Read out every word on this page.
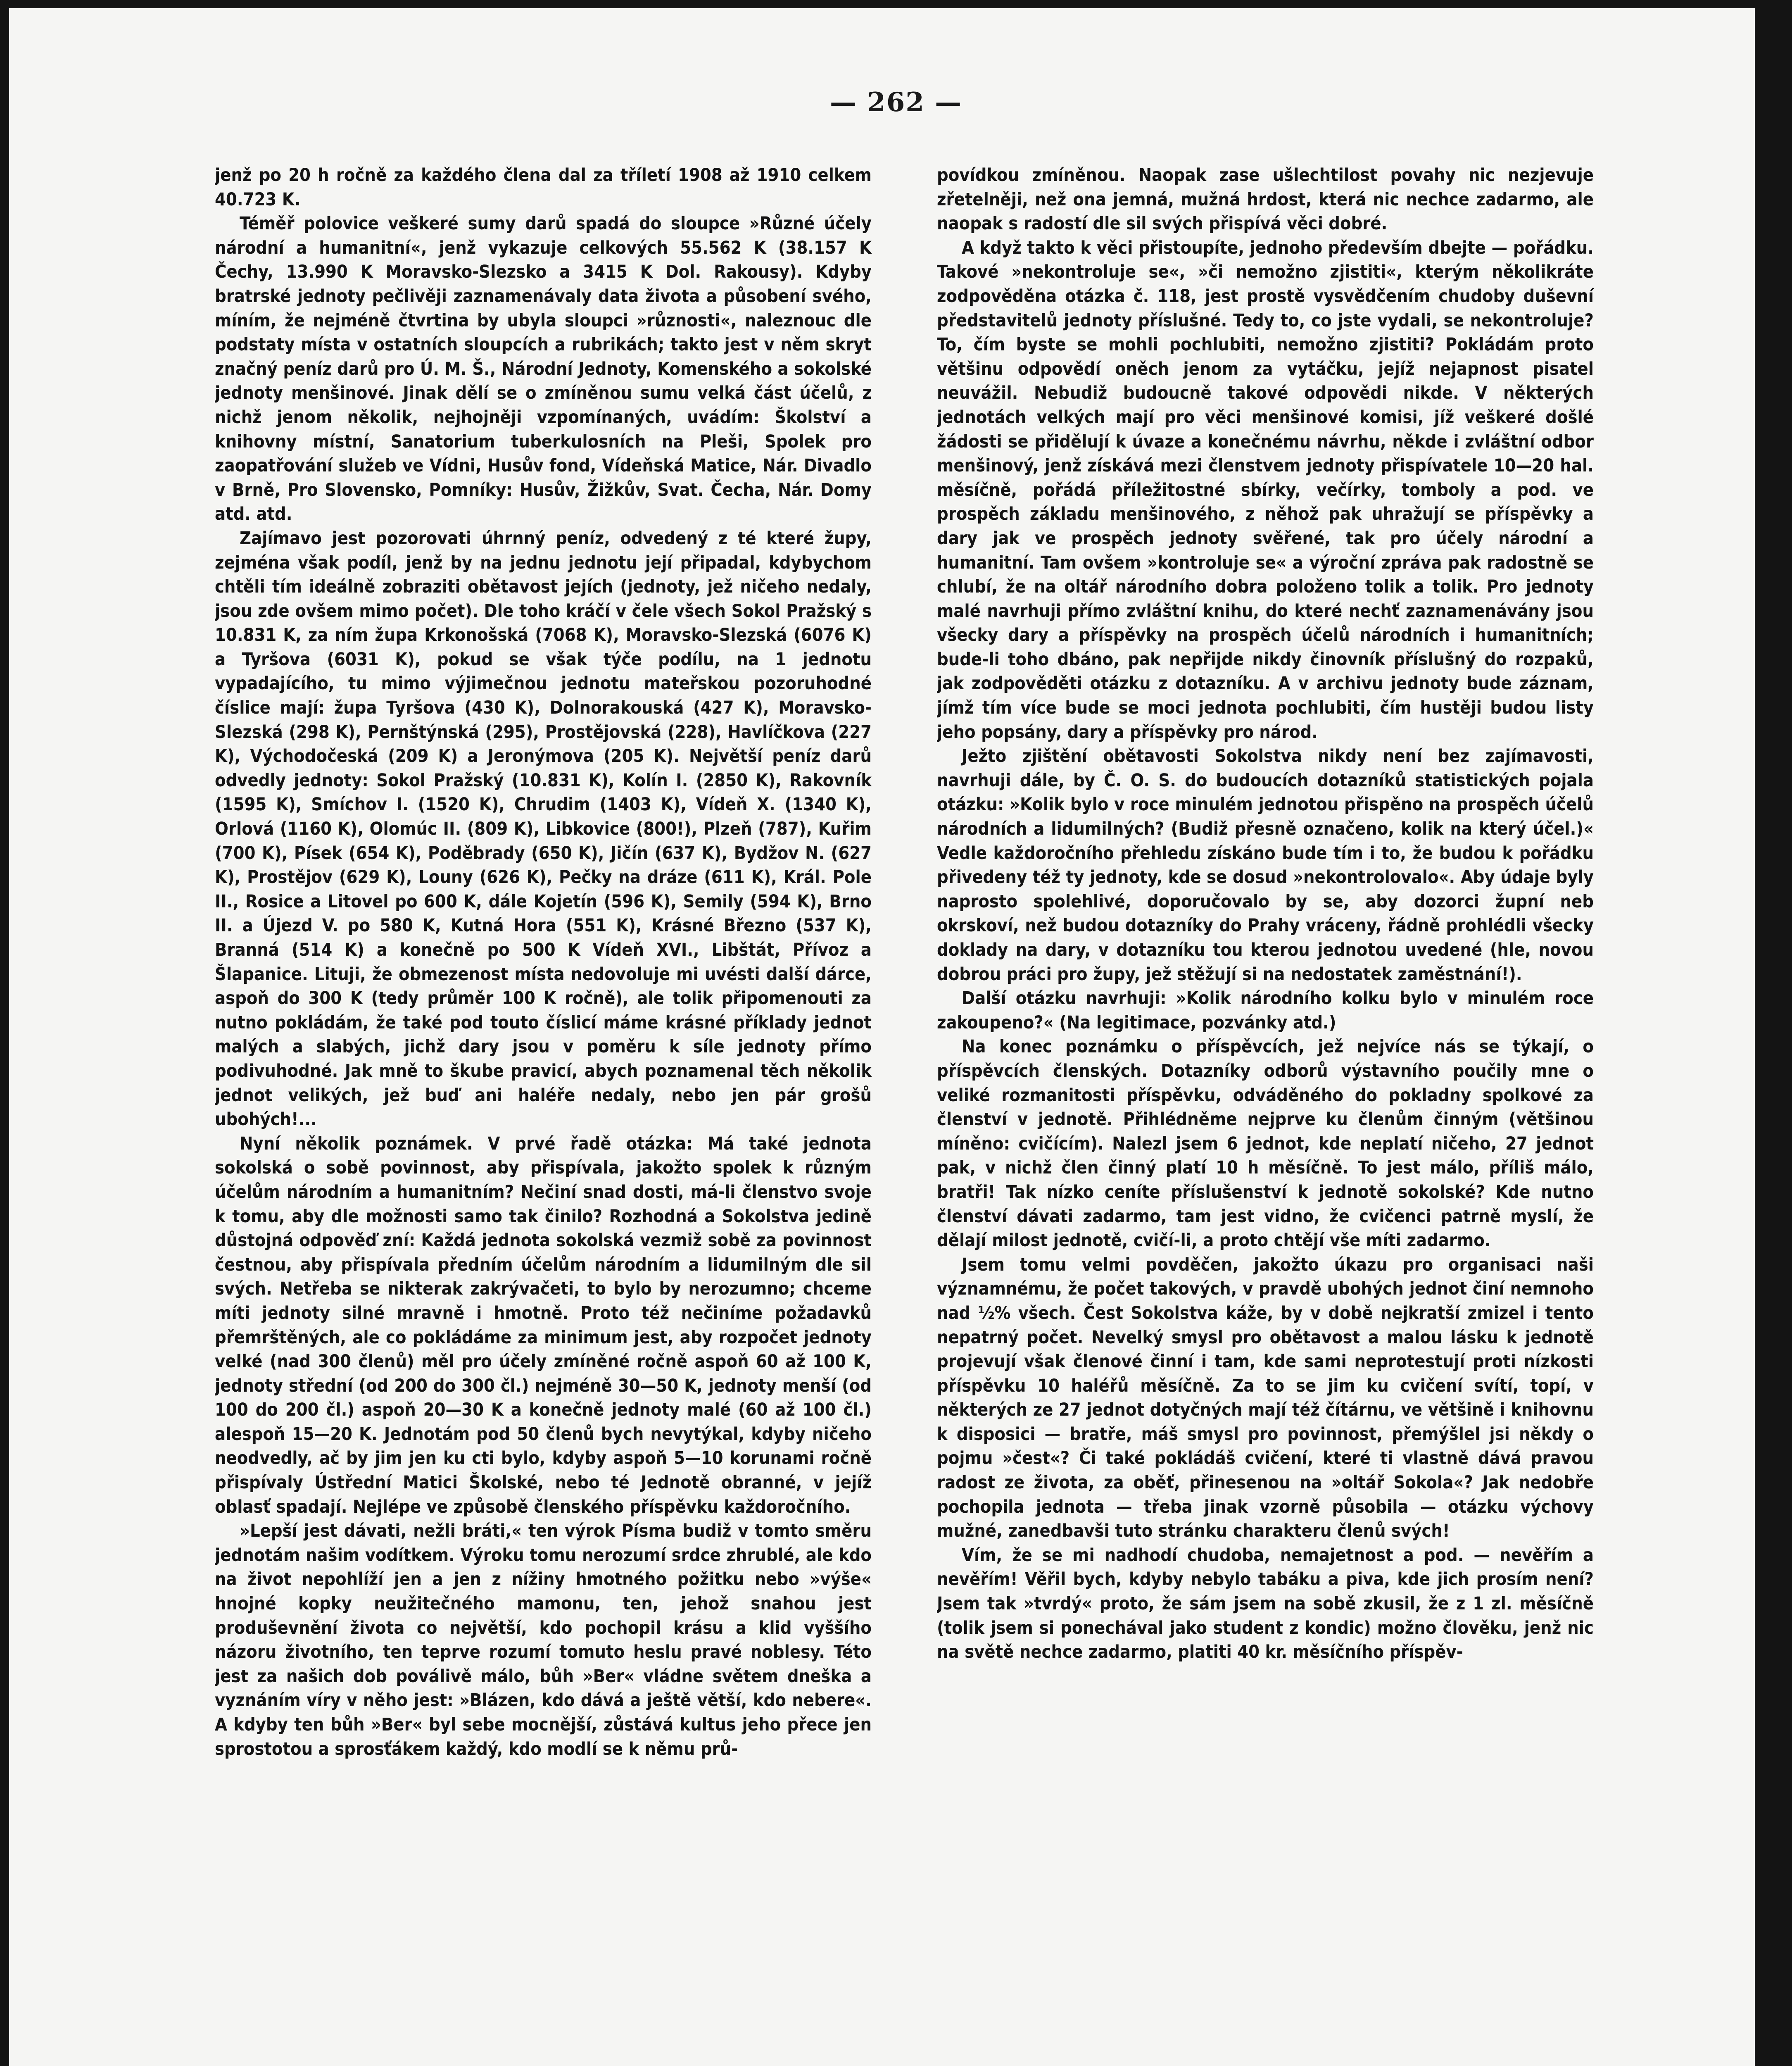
— 262 —

jenž po 20 h ročně za každého člena dal za tříletí 1908 až 1910 celkem 40.723 K.

Téměř polovice veškeré sumy darů spadá do sloupce »Různé účely národní a humanitní«, jenž vykazuje celkových 55.562 K (38.157 K Čechy, 13.990 K Moravsko-Slezsko a 3415 K Dol. Rakousy). Kdyby bratrské jednoty pečlivěji zaznamenávaly data života a působení svého, míním, že nejméně čtvrtina by ubyla sloupci »různosti«, naleznouc dle podstaty místa v ostatních sloupcích a rubrikách; takto jest v něm skryt značný peníz darů pro Ú. M. Š., Národní Jednoty, Komenského a sokolské jednoty menšinové. Jinak dělí se o zmíněnou sumu velká část účelů, z nichž jenom několik, nejhojněji vzpomínaných, uvádím: Školství a knihovny místní, Sanatorium tuberkulosních na Pleši, Spolek pro zaopatřování služeb ve Vídni, Husův fond, Vídeňská Matice, Nár. Divadlo v Brně, Pro Slovensko, Pomníky: Husův, Žižkův, Svat. Čecha, Nár. Domy atd. atd.

Zajímavo jest pozorovati úhrnný peníz, odvedený z té které župy, zejména však podíl, jenž by na jednu jednotu její připadal, kdybychom chtěli tím ideálně zobraziti obětavost jejích (jednoty, jež ničeho nedaly, jsou zde ovšem mimo počet). Dle toho kráčí v čele všech Sokol Pražský s 10.831 K, za ním župa Krkonošská (7068 K), Moravsko-Slezská (6076 K) a Tyršova (6031 K), pokud se však týče podílu, na 1 jednotu vypadajícího, tu mimo výjimečnou jednotu mateřskou pozoruhodné číslice mají: župa Tyršova (430 K), Dolnorakouská (427 K), Moravsko-Slezská (298 K), Pernštýnská (295), Prostějovská (228), Havlíčkova (227 K), Východočeská (209 K) a Jeronýmova (205 K). Největší peníz darů odvedly jednoty: Sokol Pražský (10.831 K), Kolín I. (2850 K), Rakovník (1595 K), Smíchov I. (1520 K), Chrudim (1403 K), Vídeň X. (1340 K), Orlová (1160 K), Olomúc II. (809 K), Libkovice (800!), Plzeň (787), Kuřim (700 K), Písek (654 K), Poděbrady (650 K), Jičín (637 K), Bydžov N. (627 K), Prostějov (629 K), Louny (626 K), Pečky na dráze (611 K), Král. Pole II., Rosice a Litovel po 600 K, dále Kojetín (596 K), Semily (594 K), Brno II. a Újezd V. po 580 K, Kutná Hora (551 K), Krásné Březno (537 K), Branná (514 K) a konečně po 500 K Vídeň XVI., Libštát, Přívoz a Šlapanice. Lituji, že obmezenost místa nedovoluje mi uvésti další dárce, aspoň do 300 K (tedy průměr 100 K ročně), ale tolik připomenouti za nutno pokládám, že také pod touto číslicí máme krásné příklady jednot malých a slabých, jichž dary jsou v poměru k síle jednoty přímo podivuhodné. Jak mně to škube pravicí, abych poznamenal těch několik jednot velikých, jež buď ani haléře nedaly, nebo jen pár grošů ubohých!...

Nyní několik poznámek. V prvé řadě otázka: Má také jednota sokolská o sobě povinnost, aby přispívala, jakožto spolek k různým účelům národním a humanitním? Nečiní snad dosti, má-li členstvo svoje k tomu, aby dle možnosti samo tak činilo? Rozhodná a Sokolstva jedině důstojná odpověď zní: Každá jednota sokolská vezmiž sobě za povinnost čestnou, aby přispívala předním účelům národním a lidumilným dle sil svých. Netřeba se nikterak zakrývačeti, to bylo by nerozumno; chceme míti jednoty silné mravně i hmotně. Proto též nečiníme požadavků přemrštěných, ale co pokládáme za minimum jest, aby rozpočet jednoty velké (nad 300 členů) měl pro účely zmíněné ročně aspoň 60 až 100 K, jednoty střední (od 200 do 300 čl.) nejméně 30—50 K, jednoty menší (od 100 do 200 čl.) aspoň 20—30 K a konečně jednoty malé (60 až 100 čl.) alespoň 15—20 K. Jednotám pod 50 členů bych nevytýkal, kdyby ničeho neodvedly, ač by jim jen ku cti bylo, kdyby aspoň 5—10 korunami ročně přispívaly Ústřední Matici Školské, nebo té Jednotě obranné, v jejíž oblasť spadají. Nejlépe ve způsobě členského příspěvku každoročního.

»Lepší jest dávati, nežli bráti,« ten výrok Písma budiž v tomto směru jednotám našim vodítkem. Výroku tomu nerozumí srdce zhrublé, ale kdo na život nepohlíží jen a jen z nížiny hmotného požitku nebo »výše« hnojné kopky neužitečného mamonu, ten, jehož snahou jest produševnění života co největší, kdo pochopil krásu a klid vyššího názoru životního, ten teprve rozumí tomuto heslu pravé noblesy. Této jest za našich dob poválivě málo, bůh »Ber« vládne světem dneška a vyznáním víry v něho jest: »Blázen, kdo dává a ještě větší, kdo nebere«. A kdyby ten bůh »Ber« byl sebe mocnější, zůstává kultus jeho přece jen sprostotou a sprosťákem každý, kdo modlí se k němu prů-

povídkou zmíněnou. Naopak zase ušlechtilost povahy nic nezjevuje zřetelněji, než ona jemná, mužná hrdost, která nic nechce zadarmo, ale naopak s radostí dle sil svých přispívá věci dobré.

A když takto k věci přistoupíte, jednoho především dbejte — pořádku. Takové »nekontroluje se«, »či nemožno zjistiti«, kterým několikráte zodpověděna otázka č. 118, jest prostě vysvědčením chudoby duševní představitelů jednoty příslušné. Tedy to, co jste vydali, se nekontroluje? To, čím byste se mohli pochlubiti, nemožno zjistiti? Pokládám proto většinu odpovědí oněch jenom za vytáčku, jejíž nejapnost pisatel neuvážil. Nebudiž budoucně takové odpovědi nikde. V některých jednotách velkých mají pro věci menšinové komisi, jíž veškeré došlé žádosti se přidělují k úvaze a konečnému návrhu, někde i zvláštní odbor menšinový, jenž získává mezi členstvem jednoty přispívatele 10—20 hal. měsíčně, pořádá příležitostné sbírky, večírky, tomboly a pod. ve prospěch základu menšinového, z něhož pak uhražují se příspěvky a dary jak ve prospěch jednoty svěřené, tak pro účely národní a humanitní. Tam ovšem »kontroluje se« a výroční zpráva pak radostně se chlubí, že na oltář národního dobra položeno tolik a tolik. Pro jednoty malé navrhuji přímo zvláštní knihu, do které nechť zaznamenávány jsou všecky dary a příspěvky na prospěch účelů národních i humanitních; bude-li toho dbáno, pak nepřijde nikdy činovník příslušný do rozpaků, jak zodpověděti otázku z dotazníku. A v archivu jednoty bude záznam, jímž tím více bude se moci jednota pochlubiti, čím hustěji budou listy jeho popsány, dary a příspěvky pro národ.

Ježto zjištění obětavosti Sokolstva nikdy není bez zajímavosti, navrhuji dále, by Č. O. S. do budoucích dotazníků statistických pojala otázku: »Kolik bylo v roce minulém jednotou přispěno na prospěch účelů národních a lidumilných? (Budiž přesně označeno, kolik na který účel.)« Vedle každoročního přehledu získáno bude tím i to, že budou k pořádku přivedeny též ty jednoty, kde se dosud »nekontrolovalo«. Aby údaje byly naprosto spolehlivé, doporučovalo by se, aby dozorci župní neb okrskoví, než budou dotazníky do Prahy vráceny, řádně prohlédli všecky doklady na dary, v dotazníku tou kterou jednotou uvedené (hle, novou dobrou práci pro župy, jež stěžují si na nedostatek zaměstnání!).

Další otázku navrhuji: »Kolik národního kolku bylo v minulém roce zakoupeno?« (Na legitimace, pozvánky atd.)

Na konec poznámku o příspěvcích, jež nejvíce nás se týkají, o příspěvcích členských. Dotazníky odborů výstavního poučily mne o veliké rozmanitosti příspěvku, odváděného do pokladny spolkové za členství v jednotě. Přihlédněme nejprve ku členům činným (většinou míněno: cvičícím). Nalezl jsem 6 jednot, kde neplatí ničeho, 27 jednot pak, v nichž člen činný platí 10 h měsíčně. To jest málo, příliš málo, bratři! Tak nízko ceníte příslušenství k jednotě sokolské? Kde nutno členství dávati zadarmo, tam jest vidno, že cvičenci patrně myslí, že dělají milost jednotě, cvičí-li, a proto chtějí vše míti zadarmo.

Jsem tomu velmi povděčen, jakožto úkazu pro organisaci naši významnému, že počet takových, v pravdě ubohých jednot činí nemnoho nad ½% všech. Čest Sokolstva káže, by v době nejkratší zmizel i tento nepatrný počet. Nevelký smysl pro obětavost a malou lásku k jednotě projevují však členové činní i tam, kde sami neprotestují proti nízkosti příspěvku 10 haléřů měsíčně. Za to se jim ku cvičení svítí, topí, v některých ze 27 jednot dotyčných mají též čítárnu, ve většině i knihovnu k disposici — bratře, máš smysl pro povinnost, přemýšlel jsi někdy o pojmu »čest«? Či také pokládáš cvičení, které ti vlastně dává pravou radost ze života, za oběť, přinesenou na »oltář Sokola«? Jak nedobře pochopila jednota — třeba jinak vzorně působila — otázku výchovy mužné, zanedbavši tuto stránku charakteru členů svých!

Vím, že se mi nadhodí chudoba, nemajetnost a pod. — nevěřím a nevěřím! Věřil bych, kdyby nebylo tabáku a piva, kde jich prosím není? Jsem tak »tvrdý« proto, že sám jsem na sobě zkusil, že z 1 zl. měsíčně (tolik jsem si ponechával jako student z kondic) možno člověku, jenž nic na světě nechce zadarmo, platiti 40 kr. měsíčního příspěv-
